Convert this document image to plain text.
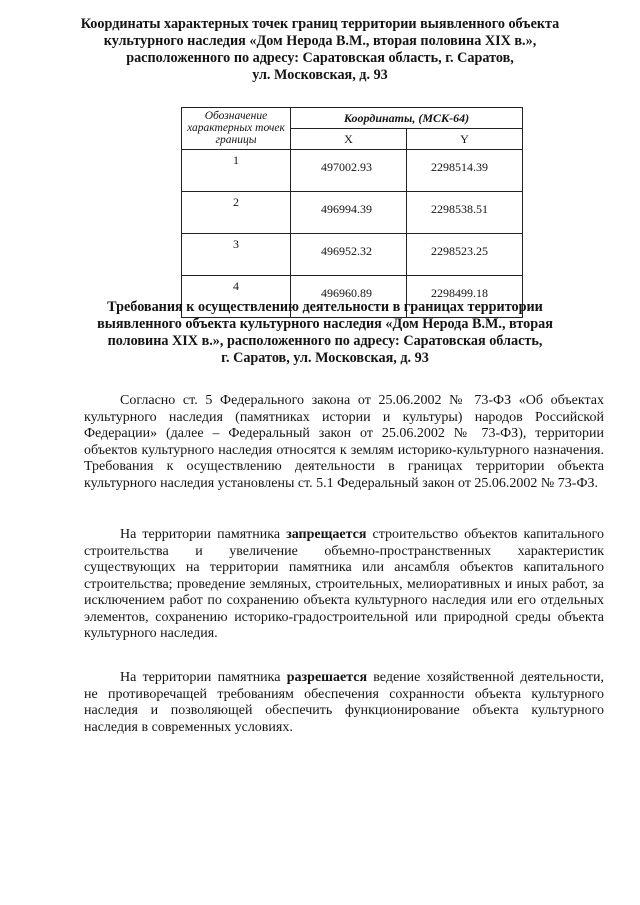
Координаты характерных точек границ территории выявленного объекта
культурного наследия «Дом Нерода В.М., вторая половина XIX в.»,
расположенного по адресу: Саратовская область, г. Саратов,
ул. Московская, д. 93
Обозначение характерных точек границы	Координаты, (МСК-64)	
	X	Y
1	497002.93	2298514.39
2	496994.39	2298538.51
3	496952.32	2298523.25
4	496960.89	2298499.18
Требования к осуществлению деятельности в границах территории
выявленного объекта культурного наследия «Дом Нерода В.М., вторая
половина XIX в.», расположенного по адресу: Саратовская область,
г. Саратов, ул. Московская, д. 93
Согласно ст. 5 Федерального закона от 25.06.2002 № 73-ФЗ «Об объектах культурного наследия (памятниках истории и культуры) народов Российской Федерации» (далее – Федеральный закон от 25.06.2002 № 73-ФЗ), территории объектов культурного наследия относятся к землям историко-культурного назначения. Требования к осуществлению деятельности в границах территории объекта культурного наследия установлены ст. 5.1 Федеральный закон от 25.06.2002 № 73-ФЗ.
На территории памятника запрещается строительство объектов капитального строительства и увеличение объемно-пространственных характеристик существующих на территории памятника или ансамбля объектов капитального строительства; проведение земляных, строительных, мелиоративных и иных работ, за исключением работ по сохранению объекта культурного наследия или его отдельных элементов, сохранению историко-градостроительной или природной среды объекта культурного наследия.
На территории памятника разрешается ведение хозяйственной деятельности, не противоречащей требованиям обеспечения сохранности объекта культурного наследия и позволяющей обеспечить функционирование объекта культурного наследия в современных условиях.
